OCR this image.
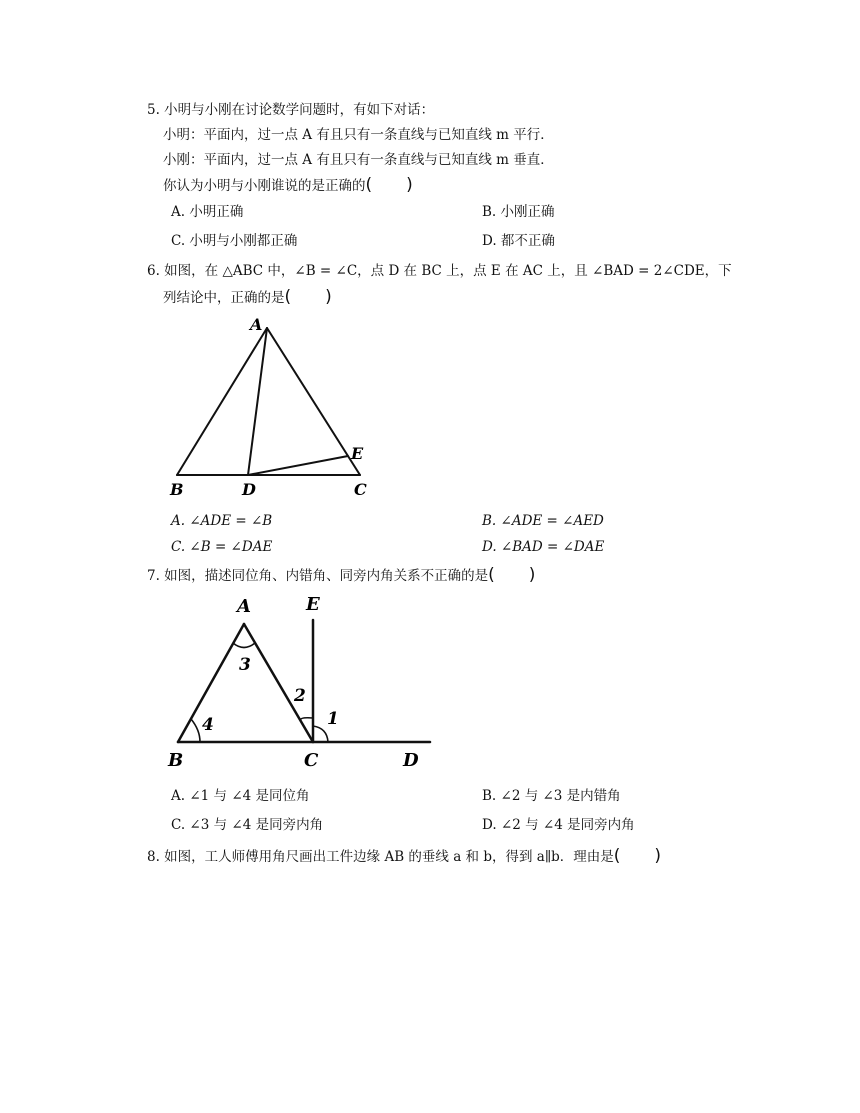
5. 小明与小刚在讨论数学问题时，有如下对话：
小明：平面内，过一点 A 有且只有一条直线与已知直线 m 平行．
小刚：平面内，过一点 A 有且只有一条直线与已知直线 m 垂直．
你认为小明与小刚谁说的是正确的(　　)
A. 小明正确	B. 小刚正确
C. 小明与小刚都正确	D. 都不正确
6. 如图，在 △ABC 中，∠B = ∠C，点 D 在 BC 上，点 E 在 AC 上，且 ∠BAD = 2∠CDE，下
列结论中，正确的是(　　)
A
B	D	C
E
A. ∠ADE = ∠B	B. ∠ADE = ∠AED
C. ∠B = ∠DAE	D. ∠BAD = ∠DAE
7. 如图，描述同位角、内错角、同旁内角关系不正确的是(　　)
A
B	C	D
E
3
4
2
1
A. ∠1 与 ∠4 是同位角	B. ∠2 与 ∠3 是内错角
C. ∠3 与 ∠4 是同旁内角	D. ∠2 与 ∠4 是同旁内角
8. 如图，工人师傅用角尺画出工件边缘 AB 的垂线 a 和 b，得到 a∥b．理由是(　　)
